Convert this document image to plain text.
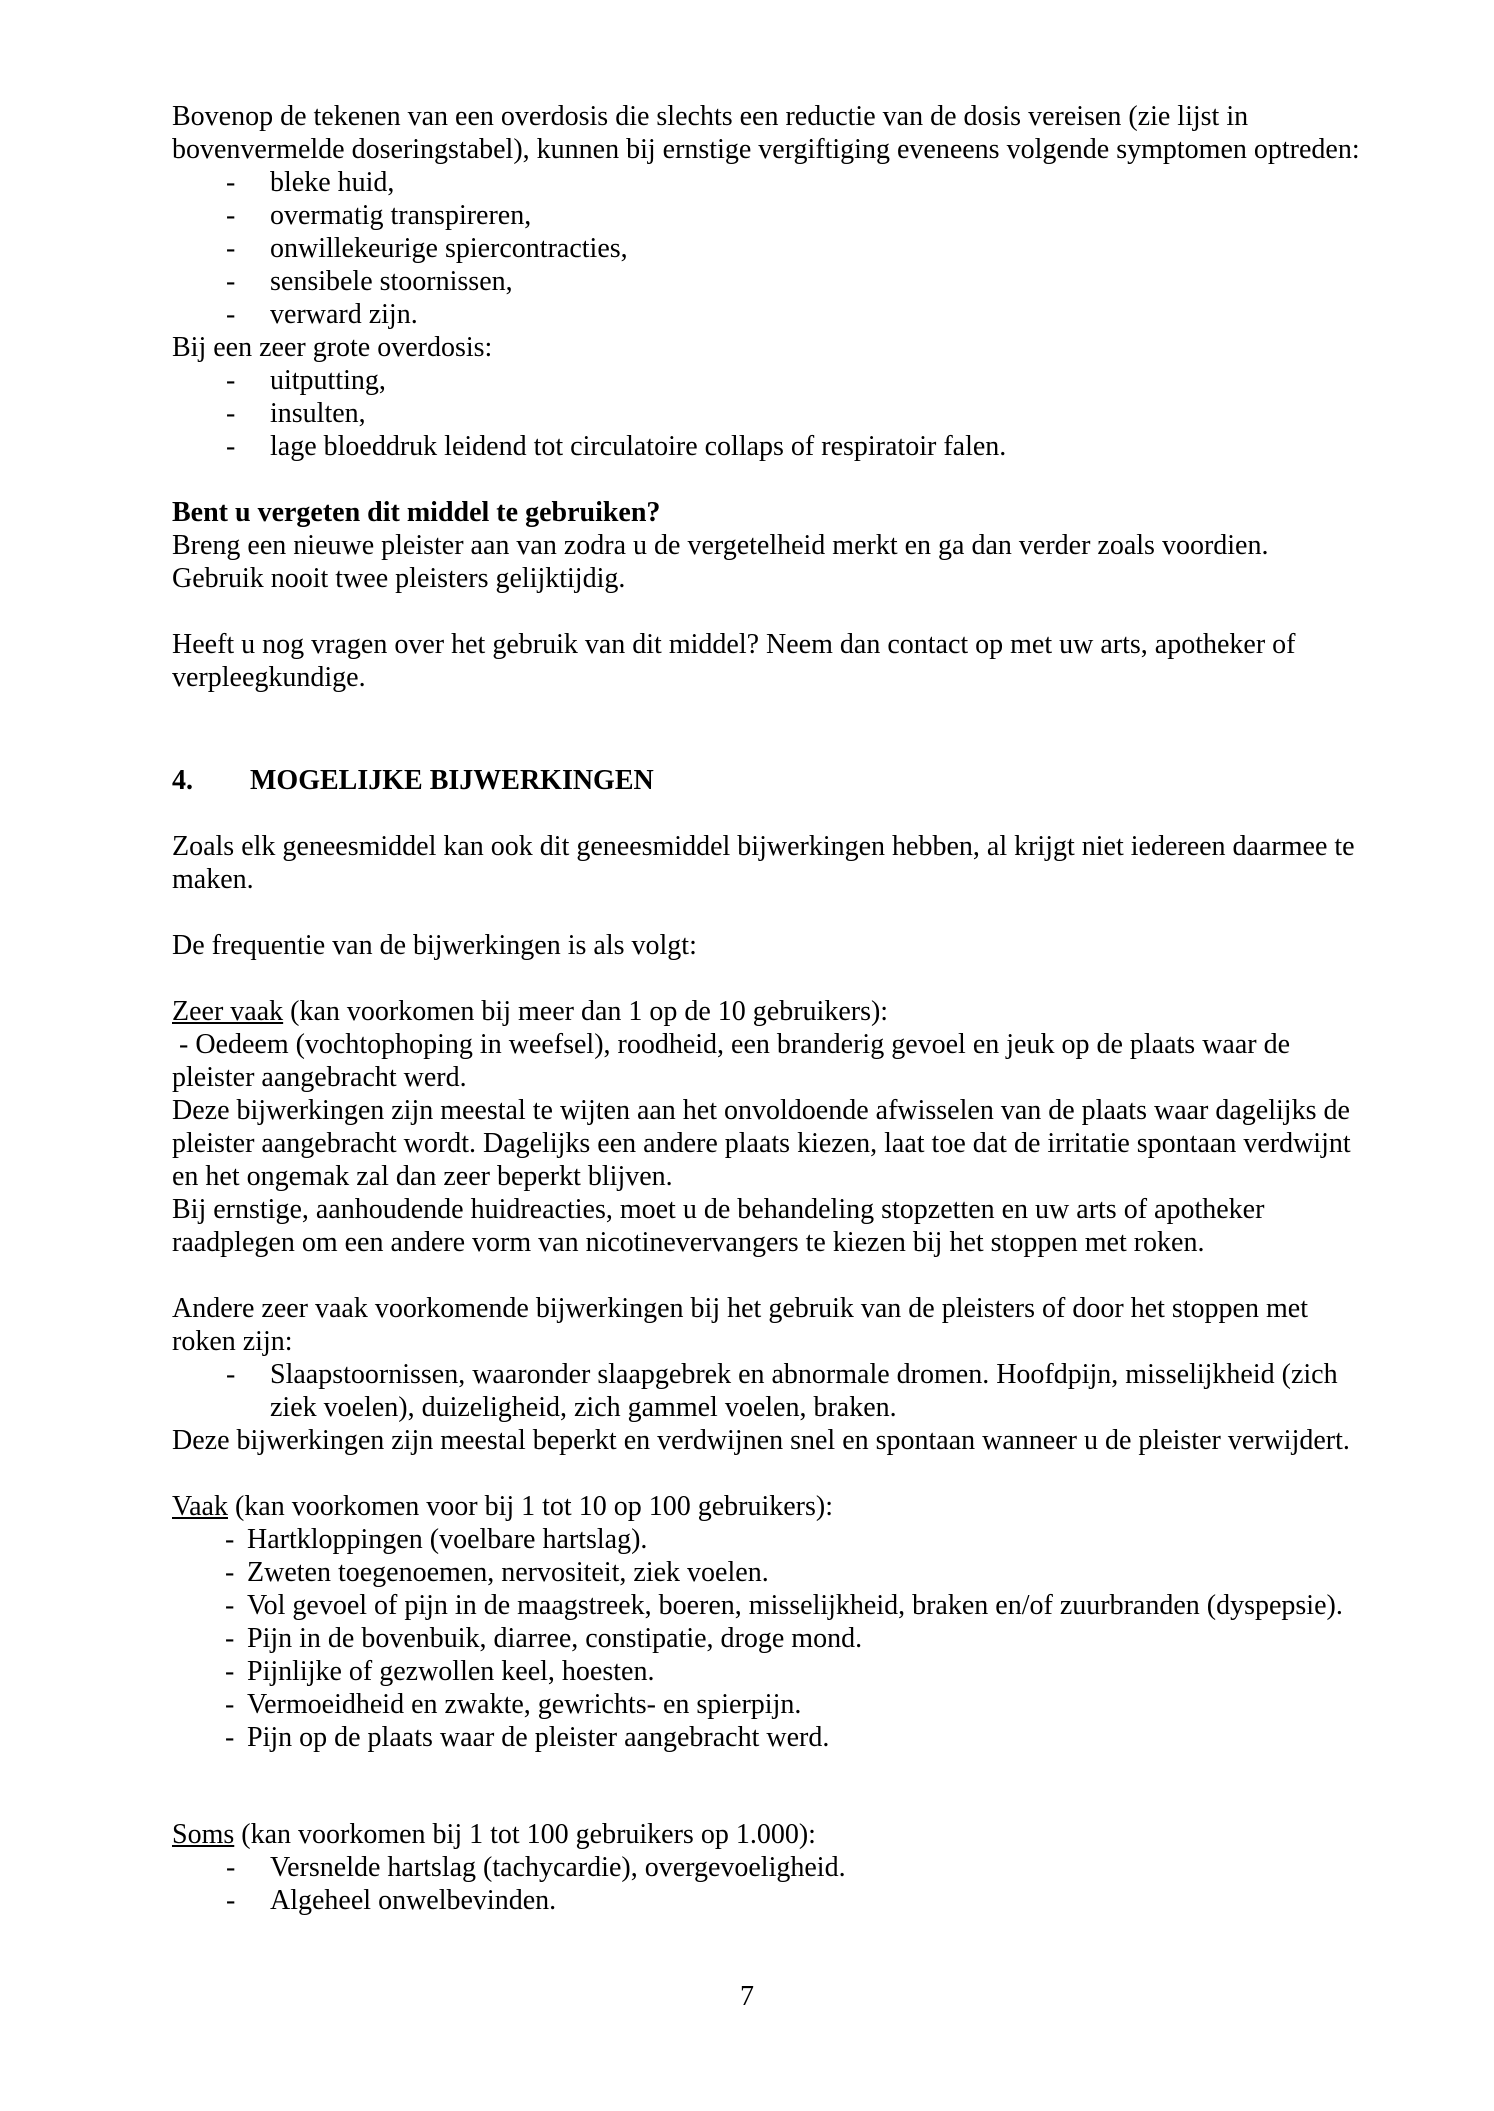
Bovenop de tekenen van een overdosis die slechts een reductie van de dosis vereisen (zie lijst in bovenvermelde doseringstabel), kunnen bij ernstige vergiftiging eveneens volgende symptomen optreden:

-	bleke huid,
-	overmatig transpireren,
-	onwillekeurige spiercontracties,
-	sensibele stoornissen,
-	verward zijn.

Bij een zeer grote overdosis:

-	uitputting,
-	insulten,
-	lage bloeddruk leidend tot circulatoire collaps of respiratoir falen.

Bent u vergeten dit middel te gebruiken?

Breng een nieuwe pleister aan van zodra u de vergetelheid merkt en ga dan verder zoals voordien. Gebruik nooit twee pleisters gelijktijdig.

Heeft u nog vragen over het gebruik van dit middel? Neem dan contact op met uw arts, apotheker of verpleegkundige.

4.	MOGELIJKE BIJWERKINGEN

Zoals elk geneesmiddel kan ook dit geneesmiddel bijwerkingen hebben, al krijgt niet iedereen daarmee te maken.

De frequentie van de bijwerkingen is als volgt:

Zeer vaak (kan voorkomen bij meer dan 1 op de 10 gebruikers):

- Oedeem (vochtophoping in weefsel), roodheid, een branderig gevoel en jeuk op de plaats waar de pleister aangebracht werd.

Deze bijwerkingen zijn meestal te wijten aan het onvoldoende afwisselen van de plaats waar dagelijks de pleister aangebracht wordt. Dagelijks een andere plaats kiezen, laat toe dat de irritatie spontaan verdwijnt en het ongemak zal dan zeer beperkt blijven.

Bij ernstige, aanhoudende huidreacties, moet u de behandeling stopzetten en uw arts of apotheker raadplegen om een andere vorm van nicotinevervangers te kiezen bij het stoppen met roken.

Andere zeer vaak voorkomende bijwerkingen bij het gebruik van de pleisters of door het stoppen met roken zijn:

-	Slaapstoornissen, waaronder slaapgebrek en abnormale dromen. Hoofdpijn, misselijkheid (zich ziek voelen), duizeligheid, zich gammel voelen, braken.

Deze bijwerkingen zijn meestal beperkt en verdwijnen snel en spontaan wanneer u de pleister verwijdert.

Vaak (kan voorkomen voor bij 1 tot 10 op 100 gebruikers):

- Hartkloppingen (voelbare hartslag).
- Zweten toegenoemen, nervositeit, ziek voelen.
- Vol gevoel of pijn in de maagstreek, boeren, misselijkheid, braken en/of zuurbranden (dyspepsie).
- Pijn in de bovenbuik, diarree, constipatie, droge mond.
- Pijnlijke of gezwollen keel, hoesten.
- Vermoeidheid en zwakte, gewrichts- en spierpijn.
- Pijn op de plaats waar de pleister aangebracht werd.

Soms (kan voorkomen bij 1 tot 100 gebruikers op 1.000):

-	Versnelde hartslag (tachycardie), overgevoeligheid.
-	Algeheel onwelbevinden.
7
